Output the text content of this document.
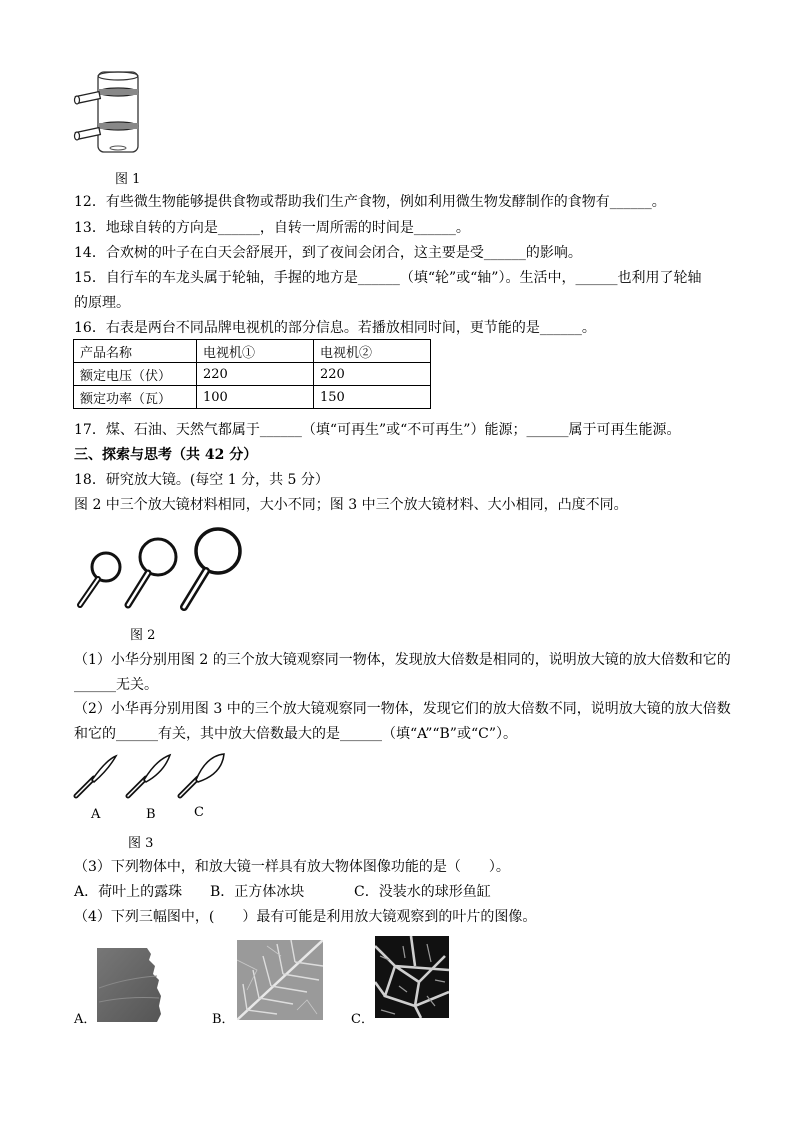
图 1
12．有些微生物能够提供食物或帮助我们生产食物，例如利用微生物发酵制作的食物有______。
13．地球自转的方向是______，自转一周所需的时间是______。
14．合欢树的叶子在白天会舒展开，到了夜间会闭合，这主要是受______的影响。
15．自行车的车龙头属于轮轴，手握的地方是______（填“轮”或“轴”）。生活中，______也利用了轮轴
的原理。
16．右表是两台不同品牌电视机的部分信息。若播放相同时间，更节能的是______。
产品名称	电视机①	电视机②
额定电压（伏）	220	220
额定功率（瓦）	100	150
17．煤、石油、天然气都属于______（填“可再生”或“不可再生”）能源；______属于可再生能源。
三、探索与思考（共 42 分）
18．研究放大镜。(每空 1 分，共 5 分）
图 2 中三个放大镜材料相同，大小不同；图 3 中三个放大镜材料、大小相同，凸度不同。
图 2
（1）小华分别用图 2 的三个放大镜观察同一物体，发现放大倍数是相同的，说明放大镜的放大倍数和它的
______无关。
（2）小华再分别用图 3 中的三个放大镜观察同一物体，发现它们的放大倍数不同，说明放大镜的放大倍数
和它的______有关，其中放大倍数最大的是______（填“A”“B”或“C”）。
A	B	C
图 3
（3）下列物体中，和放大镜一样具有放大物体图像功能的是（　　）。
A．荷叶上的露珠 B．正方体冰块	C．没装水的球形鱼缸
（4）下列三幅图中，(　　）最有可能是利用放大镜观察到的叶片的图像。
A．	B．	C．
